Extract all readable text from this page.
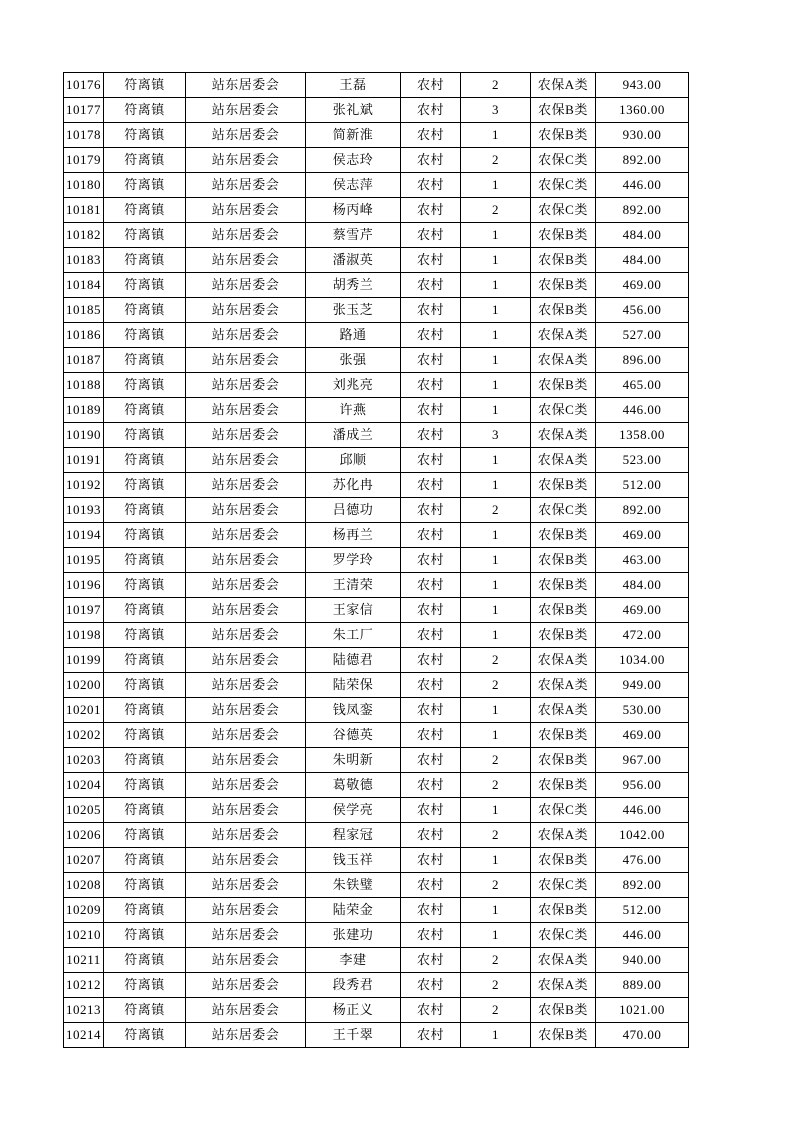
10176	符离镇	站东居委会	王磊	农村	2	农保A类	943.00
10177	符离镇	站东居委会	张礼斌	农村	3	农保B类	1360.00
10178	符离镇	站东居委会	简新淮	农村	1	农保B类	930.00
10179	符离镇	站东居委会	侯志玲	农村	2	农保C类	892.00
10180	符离镇	站东居委会	侯志萍	农村	1	农保C类	446.00
10181	符离镇	站东居委会	杨丙峰	农村	2	农保C类	892.00
10182	符离镇	站东居委会	蔡雪芹	农村	1	农保B类	484.00
10183	符离镇	站东居委会	潘淑英	农村	1	农保B类	484.00
10184	符离镇	站东居委会	胡秀兰	农村	1	农保B类	469.00
10185	符离镇	站东居委会	张玉芝	农村	1	农保B类	456.00
10186	符离镇	站东居委会	路通	农村	1	农保A类	527.00
10187	符离镇	站东居委会	张强	农村	1	农保A类	896.00
10188	符离镇	站东居委会	刘兆亮	农村	1	农保B类	465.00
10189	符离镇	站东居委会	许燕	农村	1	农保C类	446.00
10190	符离镇	站东居委会	潘成兰	农村	3	农保A类	1358.00
10191	符离镇	站东居委会	邱顺	农村	1	农保A类	523.00
10192	符离镇	站东居委会	苏化冉	农村	1	农保B类	512.00
10193	符离镇	站东居委会	吕德功	农村	2	农保C类	892.00
10194	符离镇	站东居委会	杨再兰	农村	1	农保B类	469.00
10195	符离镇	站东居委会	罗学玲	农村	1	农保B类	463.00
10196	符离镇	站东居委会	王清荣	农村	1	农保B类	484.00
10197	符离镇	站东居委会	王家信	农村	1	农保B类	469.00
10198	符离镇	站东居委会	朱工厂	农村	1	农保B类	472.00
10199	符离镇	站东居委会	陆德君	农村	2	农保A类	1034.00
10200	符离镇	站东居委会	陆荣保	农村	2	农保A类	949.00
10201	符离镇	站东居委会	钱凤銮	农村	1	农保A类	530.00
10202	符离镇	站东居委会	谷德英	农村	1	农保B类	469.00
10203	符离镇	站东居委会	朱明新	农村	2	农保B类	967.00
10204	符离镇	站东居委会	葛敬德	农村	2	农保B类	956.00
10205	符离镇	站东居委会	侯学亮	农村	1	农保C类	446.00
10206	符离镇	站东居委会	程家冠	农村	2	农保A类	1042.00
10207	符离镇	站东居委会	钱玉祥	农村	1	农保B类	476.00
10208	符离镇	站东居委会	朱铁璧	农村	2	农保C类	892.00
10209	符离镇	站东居委会	陆荣金	农村	1	农保B类	512.00
10210	符离镇	站东居委会	张建功	农村	1	农保C类	446.00
10211	符离镇	站东居委会	李建	农村	2	农保A类	940.00
10212	符离镇	站东居委会	段秀君	农村	2	农保A类	889.00
10213	符离镇	站东居委会	杨正义	农村	2	农保B类	1021.00
10214	符离镇	站东居委会	王千翠	农村	1	农保B类	470.00
